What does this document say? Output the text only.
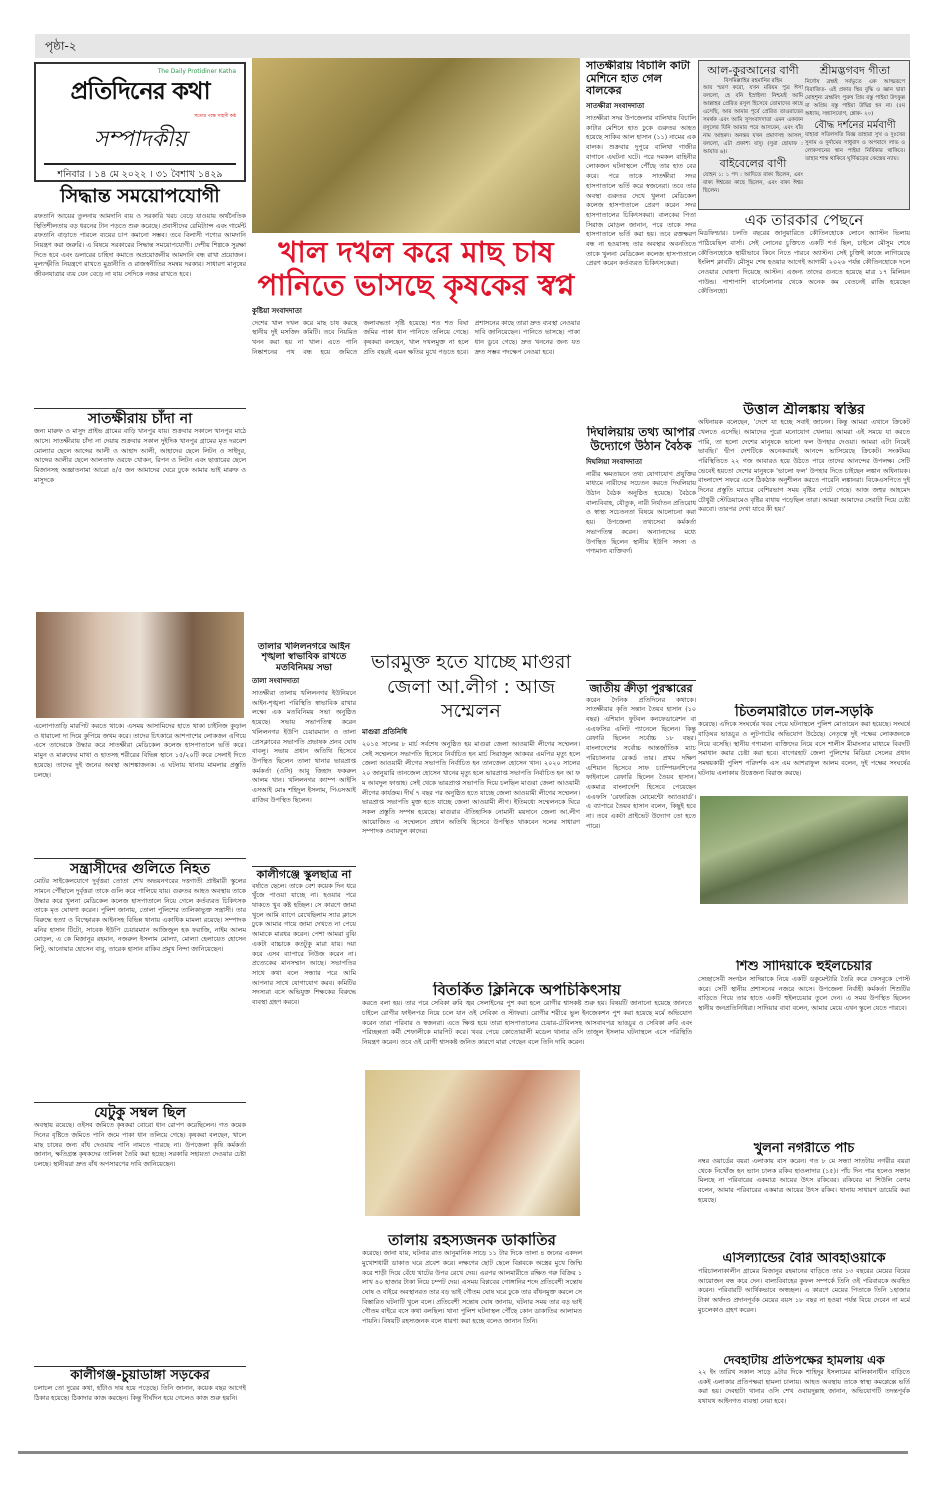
পৃষ্ঠা-২
The Daily Protidiner Katha
প্রতিদিনের কথা
সত্যের পক্ষে সাহসী কণ্ঠ
সম্পাদকীয়
শনিবার । ১৪ মে ২০২২ । ৩১ বৈশাখ ১৪২৯
সিদ্ধান্ত সময়োপযোগী
রফতানি আয়ের তুলনায় আমদানি ব্যয় ও সরকারি খরচ বেড়ে যাওয়ায় অর্থনৈতিক স্থিতিশীলতায় বড় ধরনের টান পড়তে শুরু করেছে। প্রবাসীদের রেমিট্যান্স এবং গার্মেন্ট রফতানি বাড়াতে পারলে ব্যয়ের চাপ কমানো সম্ভব। তবে বিলাসী পণ্যের আমদানি নিয়ন্ত্রণ করা জরুরি। এ বিষয়ে সরকারের সিদ্ধান্ত সময়োপযোগী। দেশীয় শিল্পকে সুরক্ষা দিতে হবে এবং ডলারের চাহিদা কমাতে অপ্রয়োজনীয় আমদানি বন্ধ রাখা প্রয়োজন। মূল্যস্ফীতি নিয়ন্ত্রণে রাখতে মুদ্রানীতি ও রাজস্বনীতির সমন্বয় দরকার। সাধারণ মানুষের জীবনযাত্রার ব্যয় যেন বেড়ে না যায় সেদিকে নজর রাখতে হবে।
সাতক্ষীরায় চাঁদা না
জন্য মারুফ ও মাসুদ প্রাইভ গ্রামের বাড়ি খানপুর যায়। শুক্রবার সকালে খানপুর মাঠে আসে। সাতক্ষীরায় চাঁদা না দেয়ায় শুক্রবার সকাল দুইদিক খানপুর গ্রামের মৃত দরবেশ মোল্যার ছেলে আব্দের আলী ও আহাদ আলী, আহাদের ছেলে লিটন ও সাইদুর, আব্দের আলীর ছেলে আলতাফ ওরফে খোকন, রিপন ও লিটন এবং ছাত্তারের ছেলে মিজানসহ অজ্ঞাতনামা আরো ৪/৫ জন আমাদের ঘেরে ঢুকে আমার ভাই মারুফ ও মাসুদকে
এলোপাতাড়ি মারপিট করতে থাকে। এসময় আসামিদের হাতে থাকা চাইনিজ কুড়াল ও ধারালো দা দিয়ে কুপিয়ে জখম করে। তাদের চিৎকারে আশপাশের লোকজন এগিয়ে এসে তাদেরকে উদ্ধার করে সাতক্ষীরা মেডিকেল কলেজ হাসপাতালে ভর্তি করে। মামুন ও মারুফের মাথা ও হাতসহ শরীরের বিভিন্ন স্থানে ১৫/২০টি করে সেলাই দিতে হয়েছে। তাদের দুই জনের অবস্থা আশঙ্কাজনক। এ ঘটনায় থানায় মামলার প্রস্তুতি চলছে।
সন্ত্রাসীদের গুলিতে নিহত
মোটর সাইকেলযোগে দুর্বৃত্তরা তোতা শেখ অভয়নগরের দত্তগাতী প্রাইমারী স্কুলের সামনে পৌঁছালে দুর্বৃত্তরা তাকে গুলি করে পালিয়ে যায়। গুরুতর আহত অবস্থায় তাকে উদ্ধার করে খুলনা মেডিকেল কলেজ হাসপাতালে নিয়ে গেলে কর্তব্যরত চিকিৎসক তাকে মৃত ঘোষণা করেন। পুলিশ জানায়, তোলা পুলিশের তালিকাভুক্ত সন্ত্রাসী। তার বিরুদ্ধে হত্যা ও বিস্ফোরক আইনসহ বিভিন্ন থানায় একাধিক মামলা রয়েছে। সম্পাদক মনির হাসান টিটো, সাবেক ইউপি চেয়ারম্যান আজিজুল হক ফরাজি, নাইম আলম মোড়ল, এ কে মিজানুর রহমান, নজরুল ইসলাম মোল্যা, মোল্যা হেলায়েত হোসেন লিটু, আনোয়ার হোসেন বাবু, তারেক হাসান রাকিব প্রমুখ নিন্দা জানিয়েছেন।
যেটুকু সম্বল ছিল
অবস্থায় রয়েছে। ওইসব জমিতে কৃষকরা বোরো ধান রোপণ করেছিলেন। গত কয়েক দিনের বৃষ্টিতে জমিতে পানি জমে পাকা ধান তলিয়ে গেছে। কৃষকরা বলছেন, খালে মাছ চাষের জন্য বাঁধ দেওয়ায় পানি নামতে পারছে না। উপজেলা কৃষি কর্মকর্তা জানান, ক্ষতিগ্রস্ত কৃষকদের তালিকা তৈরি করা হচ্ছে। সরকারি সহায়তা দেওয়ার চেষ্টা চলছে। স্থানীয়রা দ্রুত বাঁধ অপসারণের দাবি জানিয়েছেন।
কালীগঞ্জ-চুয়াডাঙ্গা সড়কের
চলাচল তো দুরের কথা, হাঁটাও দায় হয়ে পড়েছে। তিনি জানান, কয়েক বছর আগেই ঠিকার হয়েছে। ঠিকাদার কাজ করছেন। কিন্তু দীর্ঘদিন হয়ে গেলেও কাজ শুরু হয়নি।
খাল দখল করে মাছ চাষ পানিতে ভাসছে কৃষকের স্বপ্ন
কুষ্টিয়া সংবাদদাতা
দেশের খাল দখল করে মাছ চাষ করছে স্থানীয় দুই মসজিদ কমিটি। তবে নিয়মিত খনন করা হয় না খাল। এতে পানি নিষ্কাশনের পথ বন্ধ হয়ে জমিতে জলাবদ্ধতা সৃষ্টি হয়েছে। শত শত বিঘা জমির পাকা ধান পানিতে তলিয়ে গেছে। কৃষকরা বলছেন, খাল দখলমুক্ত না হলে প্রতি বছরই এমন ক্ষতির মুখে পড়তে হবে। প্রশাসনের কাছে তারা দ্রুত ব্যবস্থা নেওয়ার দাবি জানিয়েছেন। পানিতে ভাসছে। পাকা ধান ডুবে গেছে। দ্রুত খননের জন্য যত দ্রুত সম্ভব পদক্ষেপ নেওয়া হবে।
তালার খলিলনগরে আইন শৃঙ্খলা স্বাভাবিক রাখতে মতবিনিময় সভা
তালা সংবাদদাতা
সাতক্ষীরা তালায় খলিলনগর ইউনিয়নে আইন-শৃঙ্খলা পরিস্থিতি স্বাভাবিক রাখার লক্ষ্যে এক মতবিনিময় সভা অনুষ্ঠিত হয়েছে। সভায় সভাপতিত্ব করেন খলিলনগর ইউপি চেয়ারম্যান ও তালা প্রেসক্লাবের সভাপতি প্রভাষক প্রনব ঘোষ বাবলু। সভায় প্রধান অতিথি হিসেবে উপস্থিত ছিলেন তালা থানার ভারপ্রাপ্ত কর্মকর্তা (ওসি) আবু জিহাদ ফকরুল আলম খান। খলিলনগর ক্যাম্প আইসি এসআই মোঃ শহিদুল ইসলাম, পিএসআই রাজিব উপস্থিত ছিলেন।
কালীগঞ্জে স্কুলছাত্র না
বর্ষাতে ছেলে। তাকে বেশ কয়েক দিন ধরে খুঁজে পাওয়া যাচ্ছে না। হওয়ার পরে থাকতে খুব কষ্ট হচ্ছিল। সে কারণে জামা খুলে আমি ব্যাগে রেখেছিলাম স্যার ক্লাসে ঢুকে আমার গায়ে জামা দেখতে না পেয়ে আমাকে মারধর করেন। পেশা আমরা বুঝি একটা বাচ্চাকে কতটুকু মারা যায়। দয়া করে এসব ব্যাপারে নিউজ করেন না। প্রত্যেকের মানসম্মান আছে। সভাপতির সাথে কথা বলে সন্ধ্যার পরে আমি আপনার সাথে যোগাযোগ করব। কমিটির সদস্যরা বসে অভিযুক্ত শিক্ষকের বিরুদ্ধে ব্যবস্থা গ্রহণ করবে।
ভারমুক্ত হতে যাচ্ছে মাগুরা জেলা আ.লীগ : আজ সম্মেলন
মাগুরা প্রতিনিধি
২০১৫ সালের ৮ মার্চ সর্বশেষ অনুষ্ঠিত হয় মাগুরা জেলা আওয়ামী লীগের সম্মেলন। সেই সম্মেলনে সভাপতি হিসেবে নির্বাচিত হন মার্চ সিরাজুল আকবর এমপির মৃত্যু হলে জেলা আওয়ামী লীগের সভাপতি নির্বাচিত হন তানজেল হোসেন খান। ২০২০ সালের ২০ জানুয়ারি তানজেল হোসেন খানের মৃত্যু হলে ভারপ্রাপ্ত সভাপতি নির্বাচিত হন আ ফ ম আবদুল ফাত্তাহ। সেই থেকে ভারপ্রাপ্ত সভাপতি দিয়ে চলছিল মাগুরা জেলা আওয়ামী লীগের কার্যক্রম। দীর্ঘ ৭ বছর পর অনুষ্ঠিত হতে যাচ্ছে জেলা আওয়ামী লীগের সম্মেলন। ভারপ্রাপ্ত সভাপতি মুক্ত হতে যাচ্ছে জেলা আওয়ামী লীগ। ইতিমধ্যে সম্মেলনকে ঘিরে সকল প্রস্তুতি সম্পন্ন হয়েছে। মাগুরার ঐতিহাসিক নোমানী ময়দানে জেলা আ.লীগ আয়োজিত এ সম্মেলনে প্রধান অতিথি হিসেবে উপস্থিত থাকবেন দলের সাধারণ সম্পাদক ওবায়দুল কাদের।
বিতর্কিত ক্লিনিকে অপচিকিৎসায়
করতে বলা হয়। তার পরে সেবিকা রুবি জ্বর সেলাইনের পুশ করা হলে রোগীর শ্বাসকষ্ট শুরু হয়। বিষয়টি জানানো হয়েছে জানতে চাইলে রোগীর ফাইলপত্র নিয়ে চলে যান ওই সেবিকা ও স্টাফরা। রোগীর শরীরে ভুল ইনজেকশন পুশ করা হয়েছে মর্মে অভিযোগ করেন তারা পরিবার ও স্বজনরা। এতে ক্ষিপ্ত হয়ে তারা হাসপাতালের চেয়ার-টেবিলসহ আসবাবপত্র ভাঙচুর ও সেবিকা রুবি এবং পরিচ্ছন্নতা কর্মী শেফালীকে মারপিট করে। খবর পেয়ে কোতোয়ালী মডেল থানার ওসি তাজুল ইসলাম ঘটনাস্থলে এসে পরিস্থিতি নিয়ন্ত্রণ করেন। তবে ওই রোগী শ্বাসকষ্ট জনিত কারণে মারা গেছেন বলে তিনি দাবি করেন।
তালায় রহস্যজনক ডাকাতির
করেছে। জানা যায়, ঘটনার রাত আনুমানিক সাড়ে ১১ টার দিকে তালা ৪ জনের একদল মুখোশধারী ডাকাত ঘরে প্রবেশ করে। লক্ষণের ছোট ছেলে বিপ্লবকে অস্ত্রের মুখে জিম্মি করে শাড়ী দিয়ে বেঁধে খাটের উপর রেখে দেয়। এরপর আলমারীতে রক্ষিত গরু বিক্রির ১ লাখ ৪০ হাজার টাকা নিয়ে চম্পট দেয়। এসময় বিপ্লবের গোঙ্গানির শব্দে প্রতিবেশী সন্তোষ ঘোষ ও বাইরে অবস্থানরত তার বড় ভাই গৌতম ঘোষ ঘরে ঢুকে তার বাঁধনমুক্ত করলে সে বিস্তারিত ঘটনাটি খুলে বলে। প্রতিবেশী সন্তোষ ঘোষ জানায়, ঘটনার সময় তার বড় ভাই গৌতম বাইরে বসে কথা বলছিল। থানা পুলিশ ঘটনাস্থল পৌঁছে কোন ডাকাতির আলামত পায়নি। বিষয়টি রহস্যজনক বলে ধারণা করা হচ্ছে বলেও জানান তিনি।
সাতক্ষীরায় বিচালি কাটা মেশিনে হাত গেল বালকের
সাতক্ষীরা সংবাদদাতা
সাতক্ষীরা সদর উপজেলার বালিথায় বিচালি কাটার মেশিনে হাত ঢুকে গুরুতর আহত হয়েছে সাকিব আল হাসান (১১) নামের এক বালক। শুক্রবার দুপুরে বালিথা গাজীর বাগানে এঘটনা ঘটে। পরে দমকল বাহিনীর লোকজন ঘটনাস্থলে পৌঁছে তার হাত বের করে। পরে তাকে সাতক্ষীরা সদর হাসপাতালে ভর্তি করে স্বজনেরা। তবে তার অবস্থা গুরুতর দেখে খুলনা মেডিকেল কলেজ হাসপাতালে প্রেরণ করেন সদর হাসপাতালের চিকিৎসকরা। বালকের পিতা সিরাজ মোড়ল জানান, পরে তাকে সদর হাসপাতালে ভর্তি করা হয়। তবে রক্তক্ষরণ বন্ধ না হওয়াসহ তার অবস্থার অবনতিতে তাকে খুলনা মেডিকেল কলেজ হাসপাতালে প্রেরণ করেন কর্তব্যরত চিকিৎসকেরা।
দিঘলিয়ায় তথ্য আপার উদ্যোগে উঠান বৈঠক
দিঘলিয়া সংবাদদাতা
নারীর ক্ষমতায়নে তথ্য যোগাযোগ প্রযুক্তির মাধ্যমে নারীদের সচেতন করতে দিঘলিয়ায় উঠান বৈঠক অনুষ্ঠিত হয়েছে। বৈঠকে বাল্যবিবাহ, যৌতুক, নারী নির্যাতন প্রতিরোধ ও স্বাস্থ্য সচেতনতা বিষয়ে আলোচনা করা হয়। উপজেলা তথ্যসেবা কর্মকর্তা সভাপতিত্ব করেন। অন্যান্যদের মধ্যে উপস্থিত ছিলেন স্থানীয় ইউপি সদস্য ও গণ্যমান্য ব্যক্তিবর্গ।
জাতীয় ক্রীড়া পুরস্কারের
করেন দৈনিক প্রতিদিনের কথাকে। সাতক্ষীরার কৃতি সন্তান তৈয়ব হাসান (১০ বছর) এশিয়ান ফুটবল কনফেডারেশন বা এএফসির এলিট প্যানেলে ছিলেন। কিন্তু রেফারি ছিলেন সর্বোচ্চ ১৮ বছর। বাংলাদেশের সর্বোচ্চ আন্তর্জাতিক ম্যাচ পরিচালনার রেকর্ড তার। প্রথম দক্ষিণ এশিয়ান হিসেবে সাফ চ্যাম্পিয়নশিপের ফাইনালে রেফারি ছিলেন তৈয়ব হাসান। একমাত্র বাংলাদেশি হিসেবে পেয়েছেন এএফসি 'রেফারিজ মোমেন্টো অ্যাওয়ার্ড'। এ ব্যাপারে তৈয়ব হাসান বলেন, কিছুই হবে না। তবে একটা প্রাইভেট উদ্যোগ তো হতে পারে।
আল-কুরআনের বাণী
বিসমিল্লাহির রহমানির রহিম
আর স্মরণ করো, যখন মরিয়ম পুত্র ঈসা বললো, হে বনি ইস্রাইল! নিশ্চয়ই আমি আল্লাহর প্রেরিত রসুল হিসেবে তোমাদের কাছে এসেছি, আর আমার পূর্বে প্রেরিত তাওরাতের সমর্থক এবং আমি সুসংবাদদাতা এমন একজন রসুলের যিনি আমার পরে আসবেন, এবং যাঁর নাম আহমদ। অনন্তর যখন প্রমাণসহ আসল, বললো, এটা প্রকাশ্য যাদু। (সুরা ছোয়াফ : আয়াত ৬)।
বাইবেলের বাণী
যোহন ১: ১ পদ : আদিতে বাক্য ছিলেন, এবং বাক্য ঈশ্বরের কাছে ছিলেন, এবং বাক্য ঈশ্বর ছিলেন।
শ্রীমদ্ভগবদ গীতা
নির্দোষ ব্রহ্মই সর্বভূতে এক আত্মরূপে বিরাজিত- এই প্রকার স্থির বুদ্ধি ও জ্ঞান দ্বারা মোহশূন্য ব্রহ্মবিৎ পুরুষ প্রিয় বস্তু পাইয়া উৎফুল্ল বা অপ্রিয় বস্তু পাইয়া উদ্বিগ্ন হন না। (৫ম অধ্যায়, সন্ন্যাসযোগ, শ্লোক- ২০)
বৌদ্ধ দর্শনের মর্মবাণী
যাহারা সতিলসতি বিজ্ঞ তাহারা সুখ ও দুঃখের সুনাম ও দুর্নামের সাধুবাদ ও অপবাদে লাভ ও লোকসানের স্বান পাইয়া নির্বিকার থাকিবে। তাহার শান্ত থাকিবে ঘূর্ণিঝড়ের কেন্দ্রের ন্যায়।
এক তারকার পেছনে
মিডফিল্ডার। চলতি বছরের জানুয়ারিতে কৌতিনহোকে লোনে অ্যাস্টন ভিলায় পাঠিয়েছিল বার্সা। সেই লোনের চুক্তিতে একটি শর্ত ছিল, চাইলে মৌসুম শেষে কৌতিনহোকে স্থায়ীভাবে কিনে নিতে পারবে অ্যাস্টন। সেই চুক্তিই কাজে লাগিয়েছে ইংলিশ ক্লাবটি। মৌসুম শেষ হওয়ার আগেই আগামী ২০২৬ পর্যন্ত কৌতিনহোকে দলে নেওয়ার ঘোষণা দিয়েছে আস্টন। এজন্য তাদের গুনতে হয়েছে মাত্র ১৭ মিলিয়ন পাউন্ড। পাশাপাশি বার্সেলোনার থেকে অনেক কম বেতনেই রাজি হয়েছেন কৌতিনহো।
উত্তাল শ্রীলঙ্কায় স্বস্তির
অধিনায়ক বলেছেন, 'দেশে যা হচ্ছে সবাই জানেন। কিন্তু আমরা এখানে ক্রিকেট খেলতে এসেছি। আমাদের পুরো মনোযোগ খেলায়। আমরা এই সময়ে যা করতে পারি, তা হলো দেশের মানুষকে ভালো ফল উপহার দেওয়া। আমরা এটা নিয়েই ভাবছি।' দ্বীপ দেশটিকে অনেকবারই আনন্দে ভাসিয়েছে ক্রিকেট। সংকটময় পরিস্থিতিতে ২২ গজ আবারও হয়ে উঠতে পারে তাদের আনন্দের উপলক্ষ। সেটি ভেবেই হয়তো দেশের মানুষকে 'ভালো ফল' উপহার দিতে চাইছেন লঙ্কান অধিনায়ক। বাংলাদেশ সফরে এসে ঠিকঠাক অনুশীলন করতে পারেনি লঙ্কানরা। বিকেএসপিতে দুই দিনের প্রস্তুতি ম্যাচের বেশিরভাগ সময় বৃষ্টির পেটে গেছে। আজ জহুর আহমেদ চৌধুরী স্টেডিয়ামেও বৃষ্টির বাধায় পড়েছিল তারা। আমরা আমাদের সেরাটা দিয়ে চেষ্টা করবো। তারপর দেখা যাবে কী হয়।'
চিতলমারীতে ঢাল-সড়কি
করেছে। এদিকে সংঘর্ষের খবর পেয়ে ঘটনাস্থলে পুলিশ মোতায়েন করা হয়েছে। সংঘর্ষে বাড়িঘর ভাঙচুর ও লুটপাটের অভিযোগ উঠেছে। নেতৃত্বে দুই পক্ষের লোকজনকে নিয়ে বসেছি। স্থানীয় গণ্যমান্য ব্যক্তিদের নিয়ে বসে শালীস মীমাংসার মাধ্যমে বিবদটি সমাধান করার চেষ্টা করা হবে। বাগেরহাট জেলা পুলিশের মিডিয়া সেলের প্রধান সমন্বয়কারী পুলিশ পরিদর্শক এস এম আশরাফুল আলম বলেন, দুই পক্ষের সংঘর্ষের ঘটনায় এলাকায় উত্তেজনা বিরাজ করছে।
শিশু সাদিয়াকে হুইলচেয়ার
সেচ্ছাসেবী সংগঠন সাদিয়াকে নিয়ে একটি ডকুমেন্টারি তৈরি করে ফেসবুকে পোস্ট করে। সেটি স্থানীয় প্রশাসনের নজরে আসে। উপজেলা নির্বাহী কর্মকর্তা শিশুটির বাড়িতে গিয়ে তার হাতে একটি হুইলচেয়ার তুলে দেন। এ সময় উপস্থিত ছিলেন স্থানীয় জনপ্রতিনিধিরা। সাদিয়ার বাবা বলেন, আমার মেয়ে এখন স্কুলে যেতে পারবে।
খুলনা নগরীতে পাঁচ
নম্বর ওয়ার্ডের বয়রা এলাকায় বাস করেন। গত ৮ মে সন্ধ্যা সাতটায় নগরীর বয়রা থেকে নিখোঁজ হন ভ্যান চালক রকিব হাওলাদার (১৫)। পাঁচ দিন পার হলেও সন্ধান মিলছে না পরিবারের একমাত্র আয়ের উৎস রকিবের। রকিবের মা শিউলি বেগম বলেন, আমার পরিবারের একমাত্র আয়ের উৎস রকিব। থানায় সাধারণ ডায়েরি করা হয়েছে।
এসিল্যান্ডের বৈরি আবহাওয়াকে
পরিচালনাকালীন গ্রামের মিজানুর রহমানের বাড়িতে তার ১৩ বছরের মেয়ের বিয়ের আয়োজন বন্ধ করে দেন। বাল্যবিবাহের কুফল সম্পর্কে তিনি ওই পরিবারকে অবহিত করেন। পরিবারটি আর্থিকভাবে অস্বচ্ছল। এ কারণে মেয়ের পিতাকে তিনি ১হাজার টাকা অর্থদণ্ড প্রদানপূর্বক মেয়ের বয়স ১৮ বছর না হওয়া পর্যন্ত বিয়ে দেবেন না মর্মে মুচলেকাও গ্রহণ করেন।
দেবহাটায় প্রতিপক্ষের হামলায় এক
২২ ইং তারিখ সকাল সাড়ে ৯টার দিকে শাহিদুর ইসলামের মালিকানাধীন বাড়িতে একই এলাকার প্রতিপক্ষরা হামলা চালায়। আহত অবস্থায় তাকে স্বাস্থ্য কমপ্লেক্সে ভর্তি করা হয়। দেবহাটা থানার ওসি শেখ ওবায়দুল্লাহ জানান, অভিযোগটি তদন্তপূর্বক যথাযথ আইনগত ব্যবস্থা নেয়া হবে।
